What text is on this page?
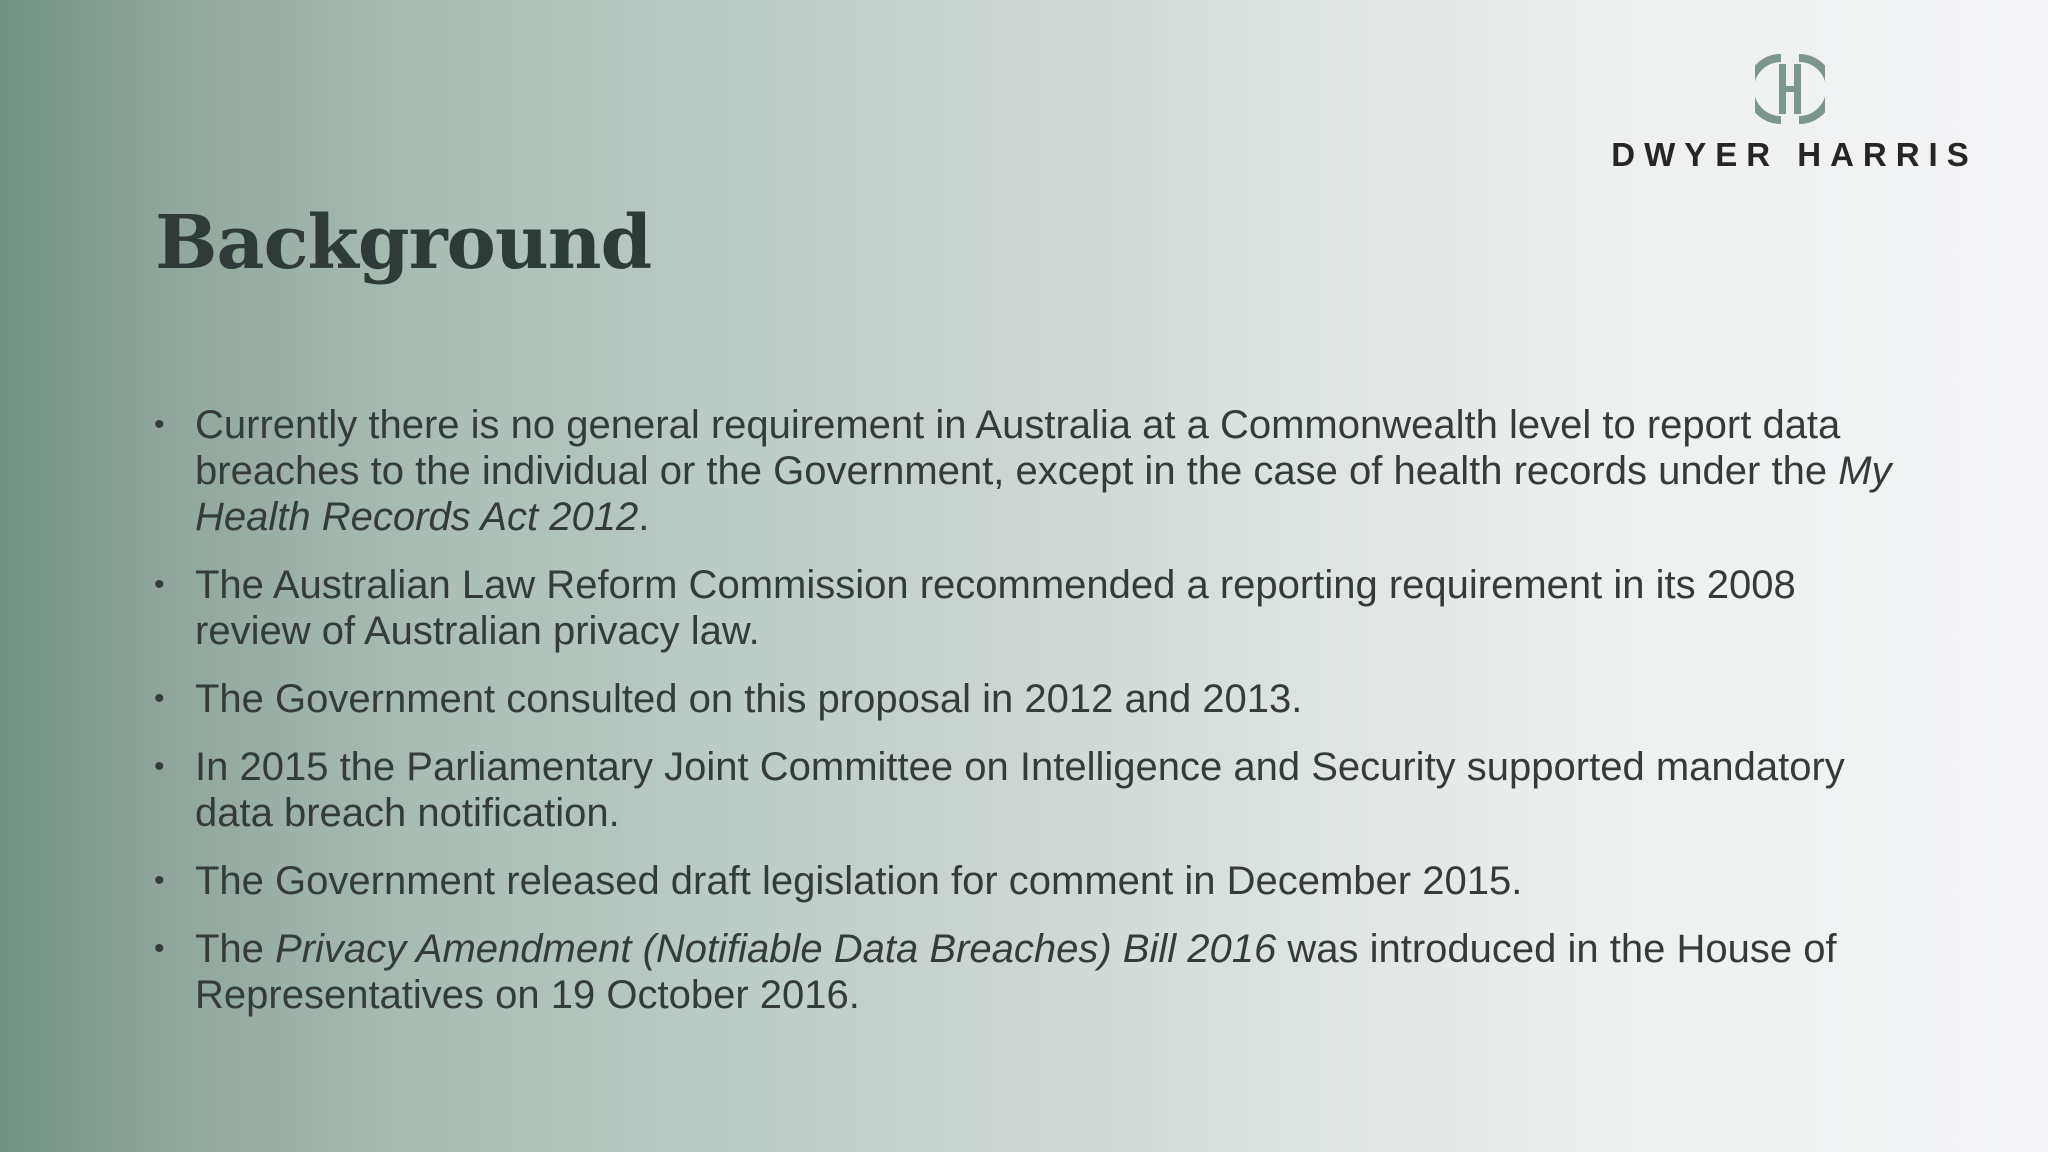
DWYER HARRIS
Background
• Currently there is no general requirement in Australia at a Commonwealth level to report data breaches to the individual or the Government, except in the case of health records under the My Health Records Act 2012.
• The Australian Law Reform Commission recommended a reporting requirement in its 2008 review of Australian privacy law.
• The Government consulted on this proposal in 2012 and 2013.
• In 2015 the Parliamentary Joint Committee on Intelligence and Security supported mandatory data breach notification.
• The Government released draft legislation for comment in December 2015.
• The Privacy Amendment (Notifiable Data Breaches) Bill 2016 was introduced in the House of Representatives on 19 October 2016.
